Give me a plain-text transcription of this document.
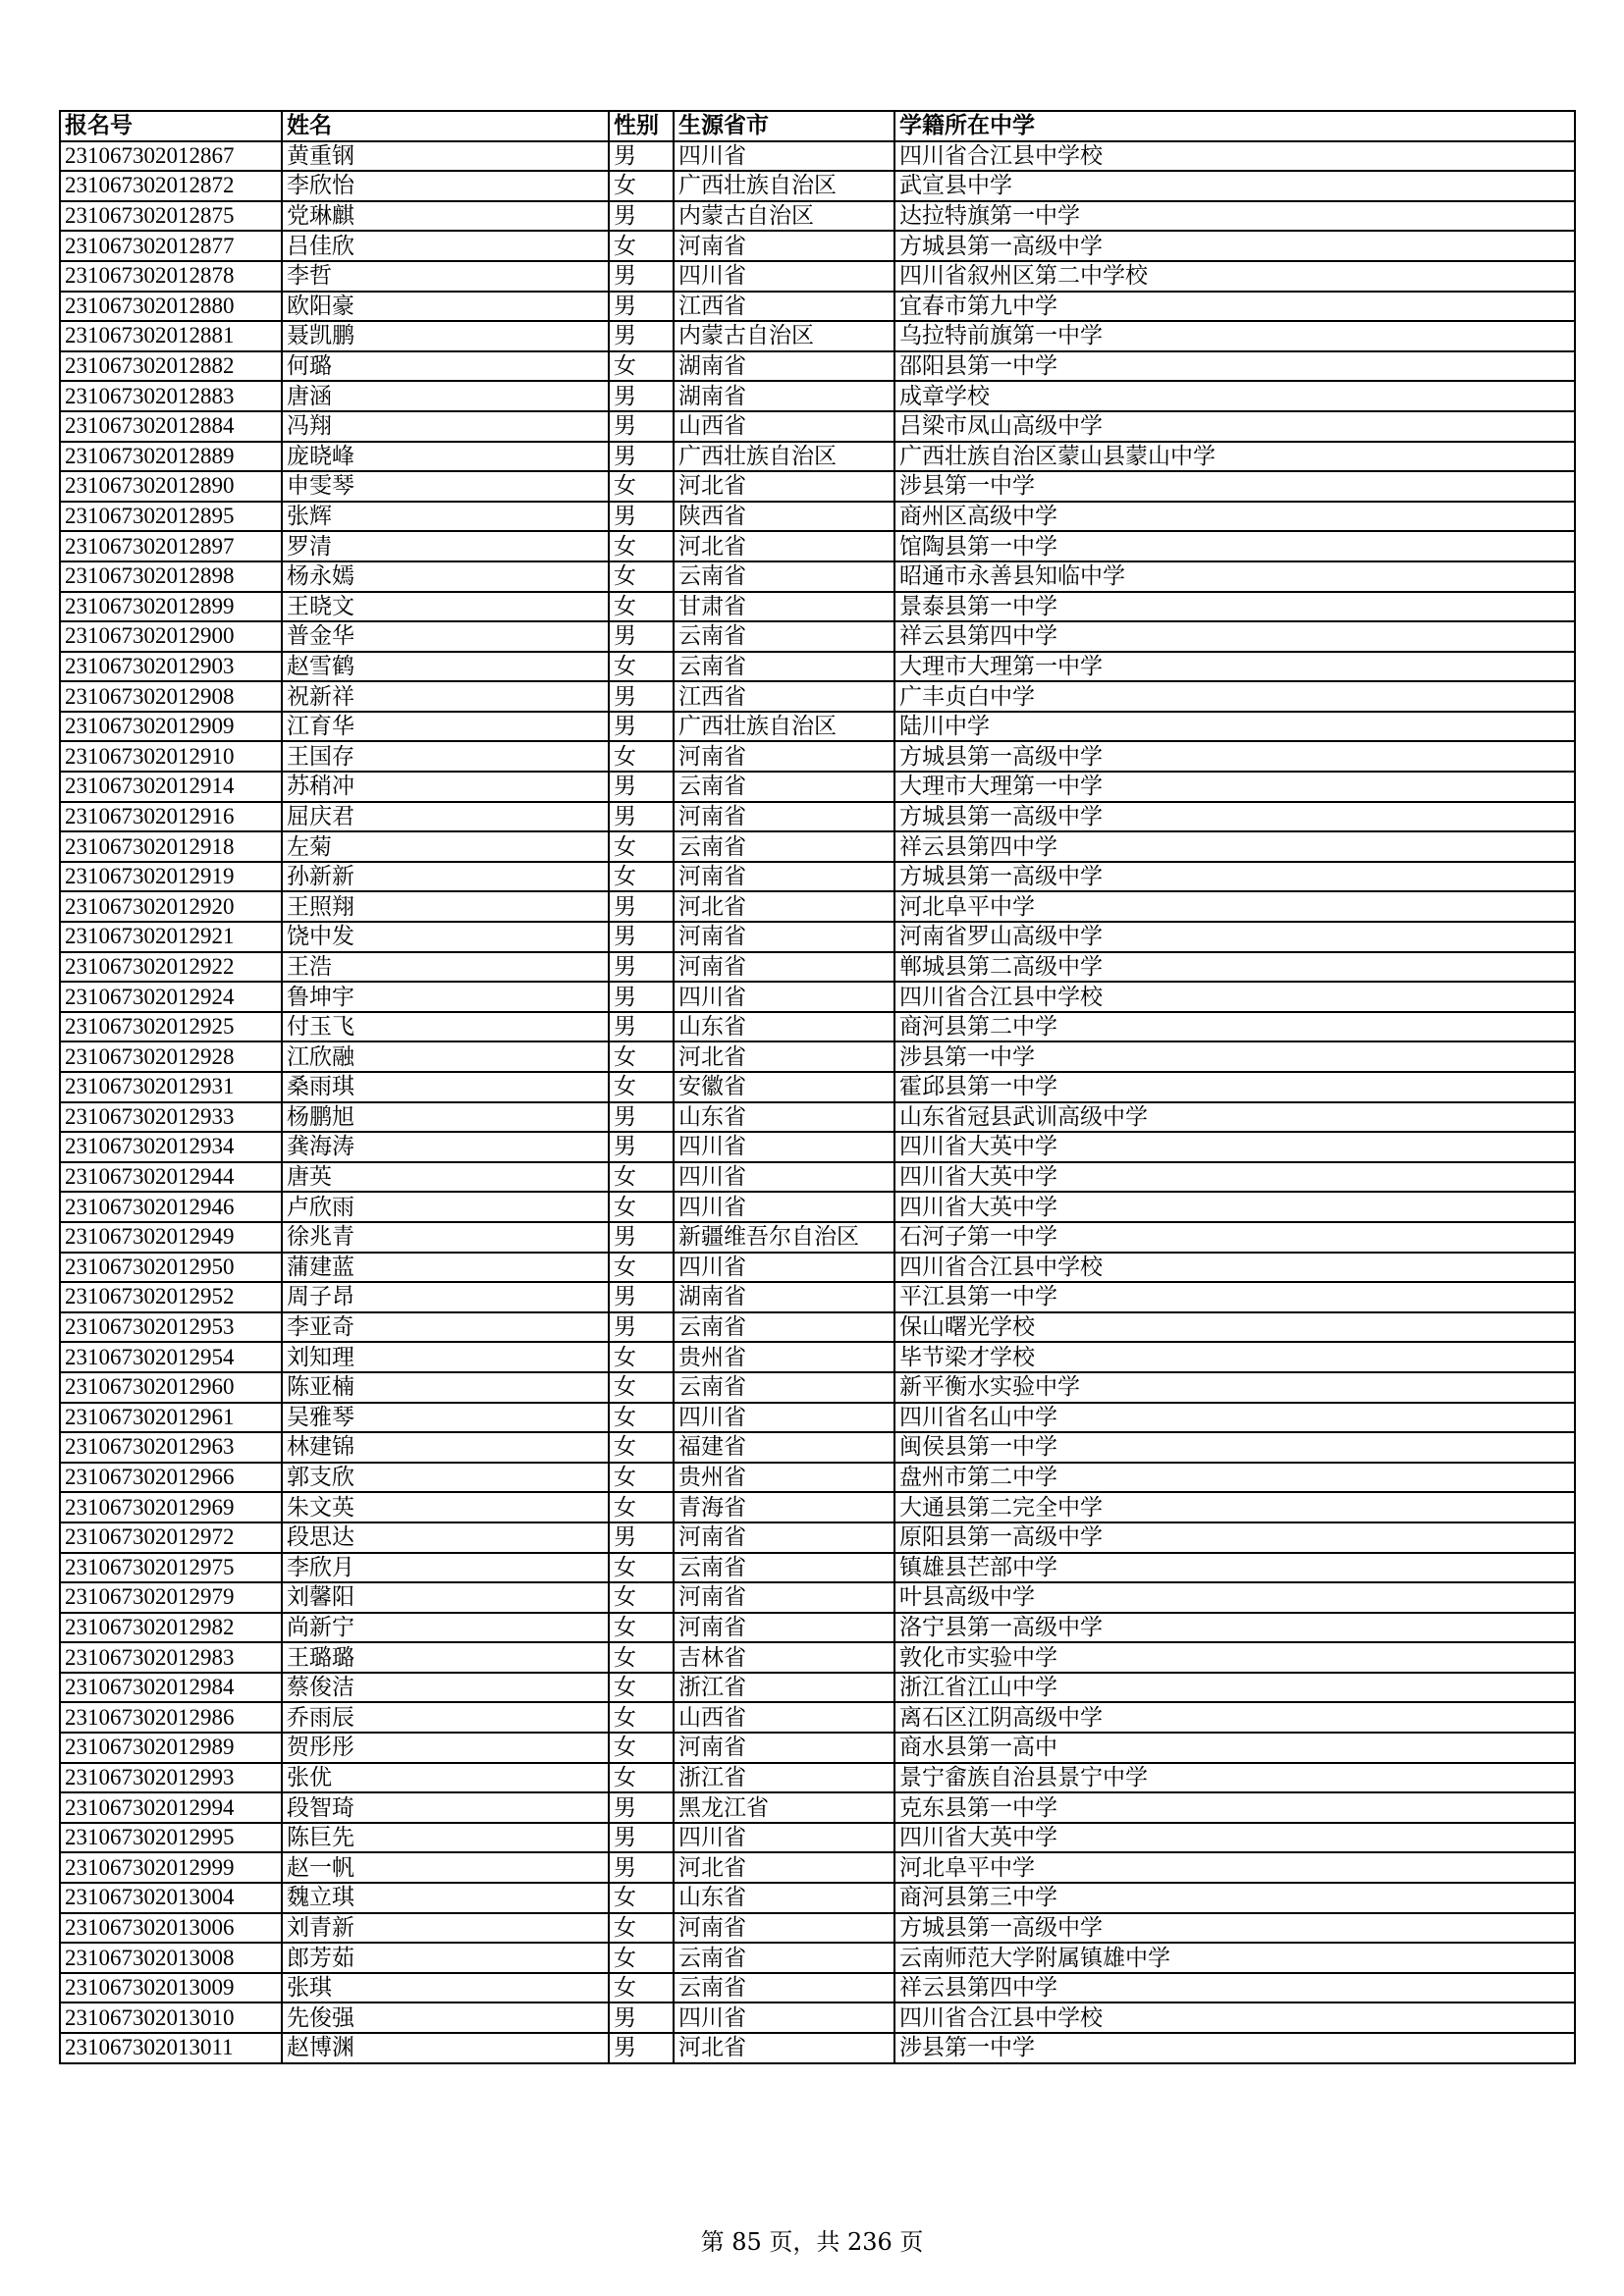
报名号	姓名	性别	生源省市	学籍所在中学
231067302012867	黄重钢	男	四川省	四川省合江县中学校
231067302012872	李欣怡	女	广西壮族自治区	武宣县中学
231067302012875	党琳麒	男	内蒙古自治区	达拉特旗第一中学
231067302012877	吕佳欣	女	河南省	方城县第一高级中学
231067302012878	李哲	男	四川省	四川省叙州区第二中学校
231067302012880	欧阳豪	男	江西省	宜春市第九中学
231067302012881	聂凯鹏	男	内蒙古自治区	乌拉特前旗第一中学
231067302012882	何璐	女	湖南省	邵阳县第一中学
231067302012883	唐涵	男	湖南省	成章学校
231067302012884	冯翔	男	山西省	吕梁市凤山高级中学
231067302012889	庞晓峰	男	广西壮族自治区	广西壮族自治区蒙山县蒙山中学
231067302012890	申雯琴	女	河北省	涉县第一中学
231067302012895	张辉	男	陕西省	商州区高级中学
231067302012897	罗清	女	河北省	馆陶县第一中学
231067302012898	杨永嫣	女	云南省	昭通市永善县知临中学
231067302012899	王晓文	女	甘肃省	景泰县第一中学
231067302012900	普金华	男	云南省	祥云县第四中学
231067302012903	赵雪鹤	女	云南省	大理市大理第一中学
231067302012908	祝新祥	男	江西省	广丰贞白中学
231067302012909	江育华	男	广西壮族自治区	陆川中学
231067302012910	王国存	女	河南省	方城县第一高级中学
231067302012914	苏稍冲	男	云南省	大理市大理第一中学
231067302012916	屈庆君	男	河南省	方城县第一高级中学
231067302012918	左菊	女	云南省	祥云县第四中学
231067302012919	孙新新	女	河南省	方城县第一高级中学
231067302012920	王照翔	男	河北省	河北阜平中学
231067302012921	饶中发	男	河南省	河南省罗山高级中学
231067302012922	王浩	男	河南省	郸城县第二高级中学
231067302012924	鲁坤宇	男	四川省	四川省合江县中学校
231067302012925	付玉飞	男	山东省	商河县第二中学
231067302012928	江欣融	女	河北省	涉县第一中学
231067302012931	桑雨琪	女	安徽省	霍邱县第一中学
231067302012933	杨鹏旭	男	山东省	山东省冠县武训高级中学
231067302012934	龚海涛	男	四川省	四川省大英中学
231067302012944	唐英	女	四川省	四川省大英中学
231067302012946	卢欣雨	女	四川省	四川省大英中学
231067302012949	徐兆青	男	新疆维吾尔自治区	石河子第一中学
231067302012950	蒲建蓝	女	四川省	四川省合江县中学校
231067302012952	周子昂	男	湖南省	平江县第一中学
231067302012953	李亚奇	男	云南省	保山曙光学校
231067302012954	刘知理	女	贵州省	毕节梁才学校
231067302012960	陈亚楠	女	云南省	新平衡水实验中学
231067302012961	吴雅琴	女	四川省	四川省名山中学
231067302012963	林建锦	女	福建省	闽侯县第一中学
231067302012966	郭支欣	女	贵州省	盘州市第二中学
231067302012969	朱文英	女	青海省	大通县第二完全中学
231067302012972	段思达	男	河南省	原阳县第一高级中学
231067302012975	李欣月	女	云南省	镇雄县芒部中学
231067302012979	刘馨阳	女	河南省	叶县高级中学
231067302012982	尚新宁	女	河南省	洛宁县第一高级中学
231067302012983	王璐璐	女	吉林省	敦化市实验中学
231067302012984	蔡俊洁	女	浙江省	浙江省江山中学
231067302012986	乔雨辰	女	山西省	离石区江阴高级中学
231067302012989	贺彤彤	女	河南省	商水县第一高中
231067302012993	张优	女	浙江省	景宁畲族自治县景宁中学
231067302012994	段智琦	男	黑龙江省	克东县第一中学
231067302012995	陈巨先	男	四川省	四川省大英中学
231067302012999	赵一帆	男	河北省	河北阜平中学
231067302013004	魏立琪	女	山东省	商河县第三中学
231067302013006	刘青新	女	河南省	方城县第一高级中学
231067302013008	郎芳茹	女	云南省	云南师范大学附属镇雄中学
231067302013009	张琪	女	云南省	祥云县第四中学
231067302013010	先俊强	男	四川省	四川省合江县中学校
231067302013011	赵博渊	男	河北省	涉县第一中学
第 85 页，共 236 页
